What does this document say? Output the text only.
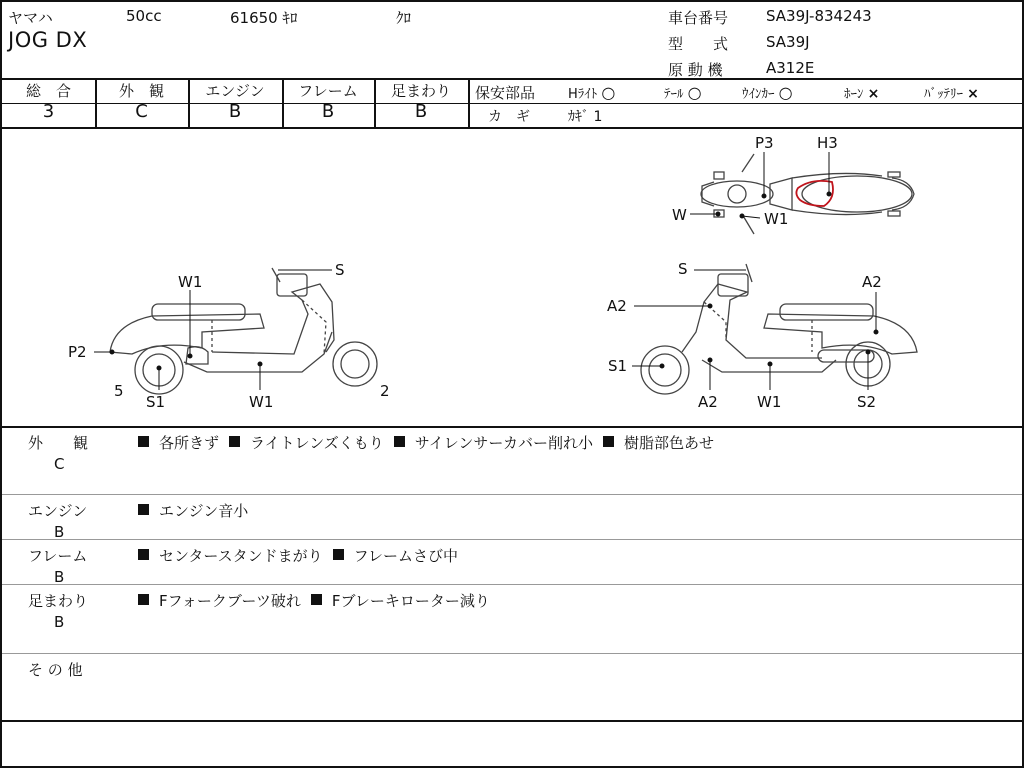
ヤマハ	50cc	61650 ｷﾛ	ｸﾛ
JOG DX
車台番号	SA39J-834243
型　　式	SA39J
原 動 機	A312E
総　合
3
外　観
C
エンジン
B
フレーム
B
足まわり
B
保安部品	Hﾗｲﾄ ○	ﾃｰﾙ ○	ｳｲﾝｶｰ ○	ﾎｰﾝ ×	ﾊﾞｯﾃﾘｰ ×
カ　ギ	ｶｷﾞ 1
P3	H3
W	W1
S
W1
P2
5
S1	W1
2
S
A2
A2
S1
A2	W1	S2
外　　観
C
各所きず ライトレンズくもり サイレンサーカバー削れ小 樹脂部色あせ
エンジン
B
エンジン音小
フレーム
B
センタースタンドまがり フレームさび中
足まわり
B
Fフォークブーツ破れ Fブレーキローター減り
そ の 他
